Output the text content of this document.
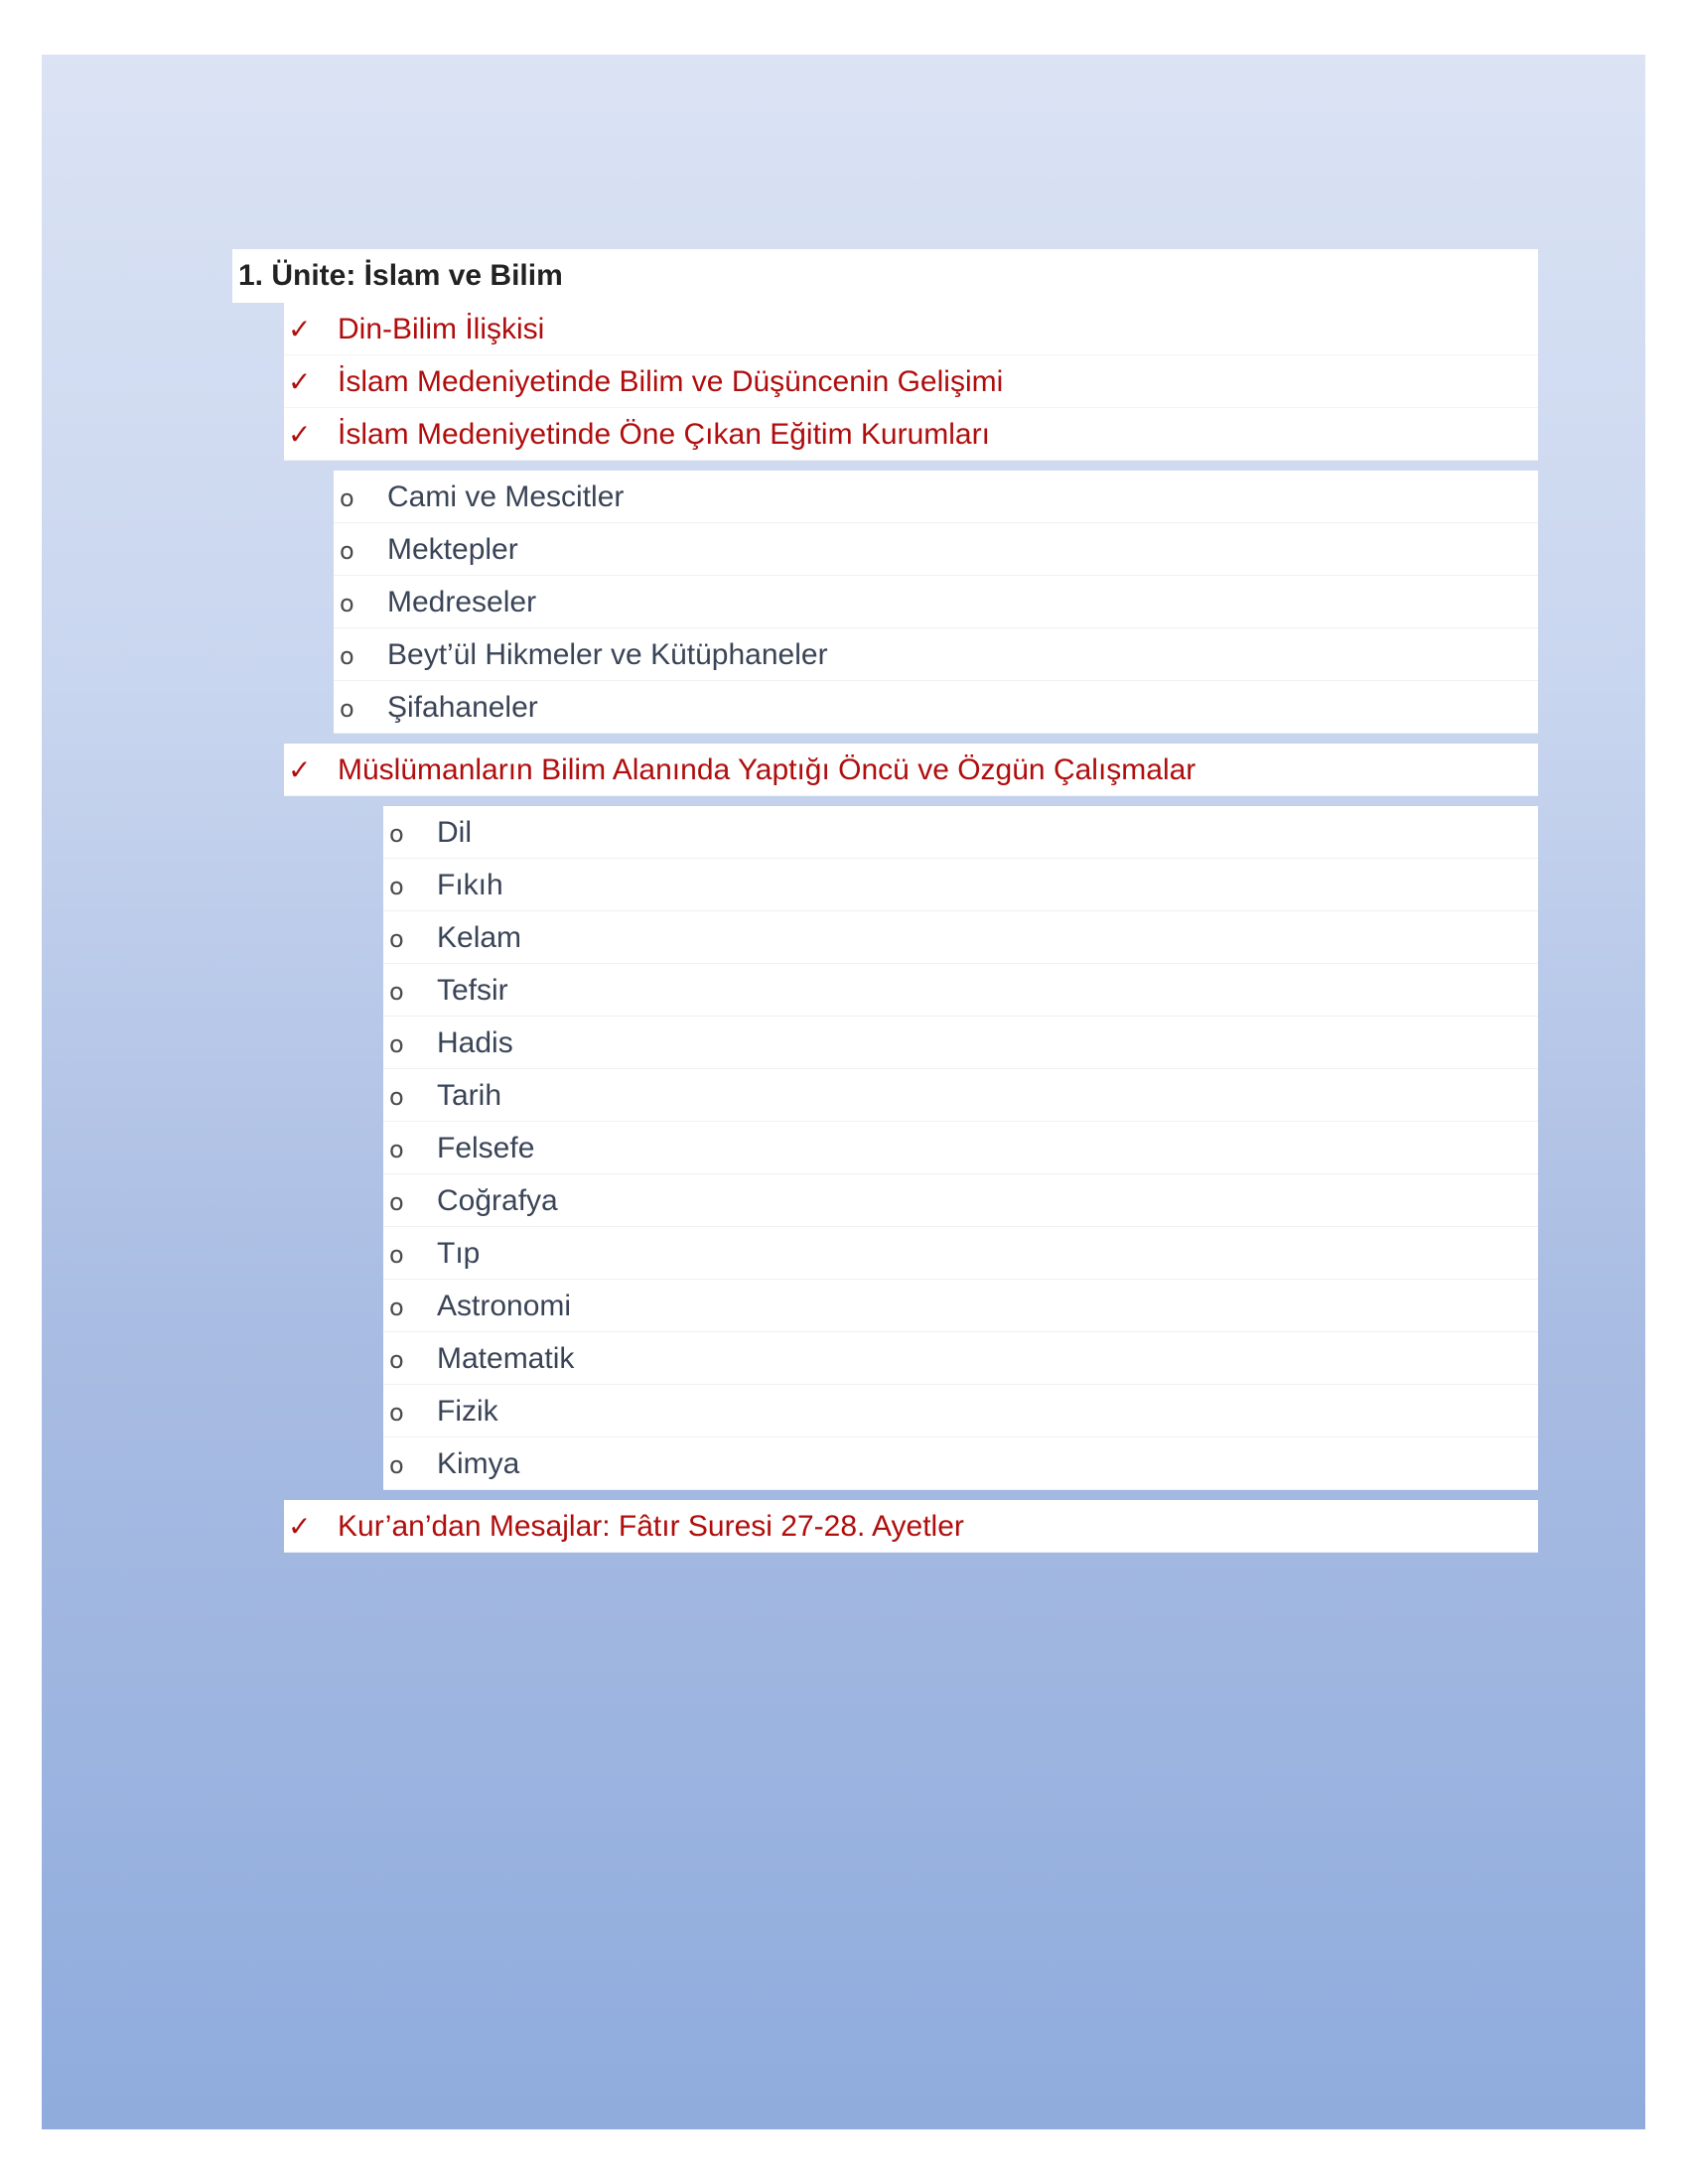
1. Ünite: İslam ve Bilim
✓ Din-Bilim İlişkisi
✓ İslam Medeniyetinde Bilim ve Düşüncenin Gelişimi
✓ İslam Medeniyetinde Öne Çıkan Eğitim Kurumları
o Cami ve Mescitler
o Mektepler
o Medreseler
o Beyt’ül Hikmeler ve Kütüphaneler
o Şifahaneler
✓ Müslümanların Bilim Alanında Yaptığı Öncü ve Özgün Çalışmalar
o Dil
o Fıkıh
o Kelam
o Tefsir
o Hadis
o Tarih
o Felsefe
o Coğrafya
o Tıp
o Astronomi
o Matematik
o Fizik
o Kimya
✓ Kur’an’dan Mesajlar: Fâtır Suresi 27-28. Ayetler
